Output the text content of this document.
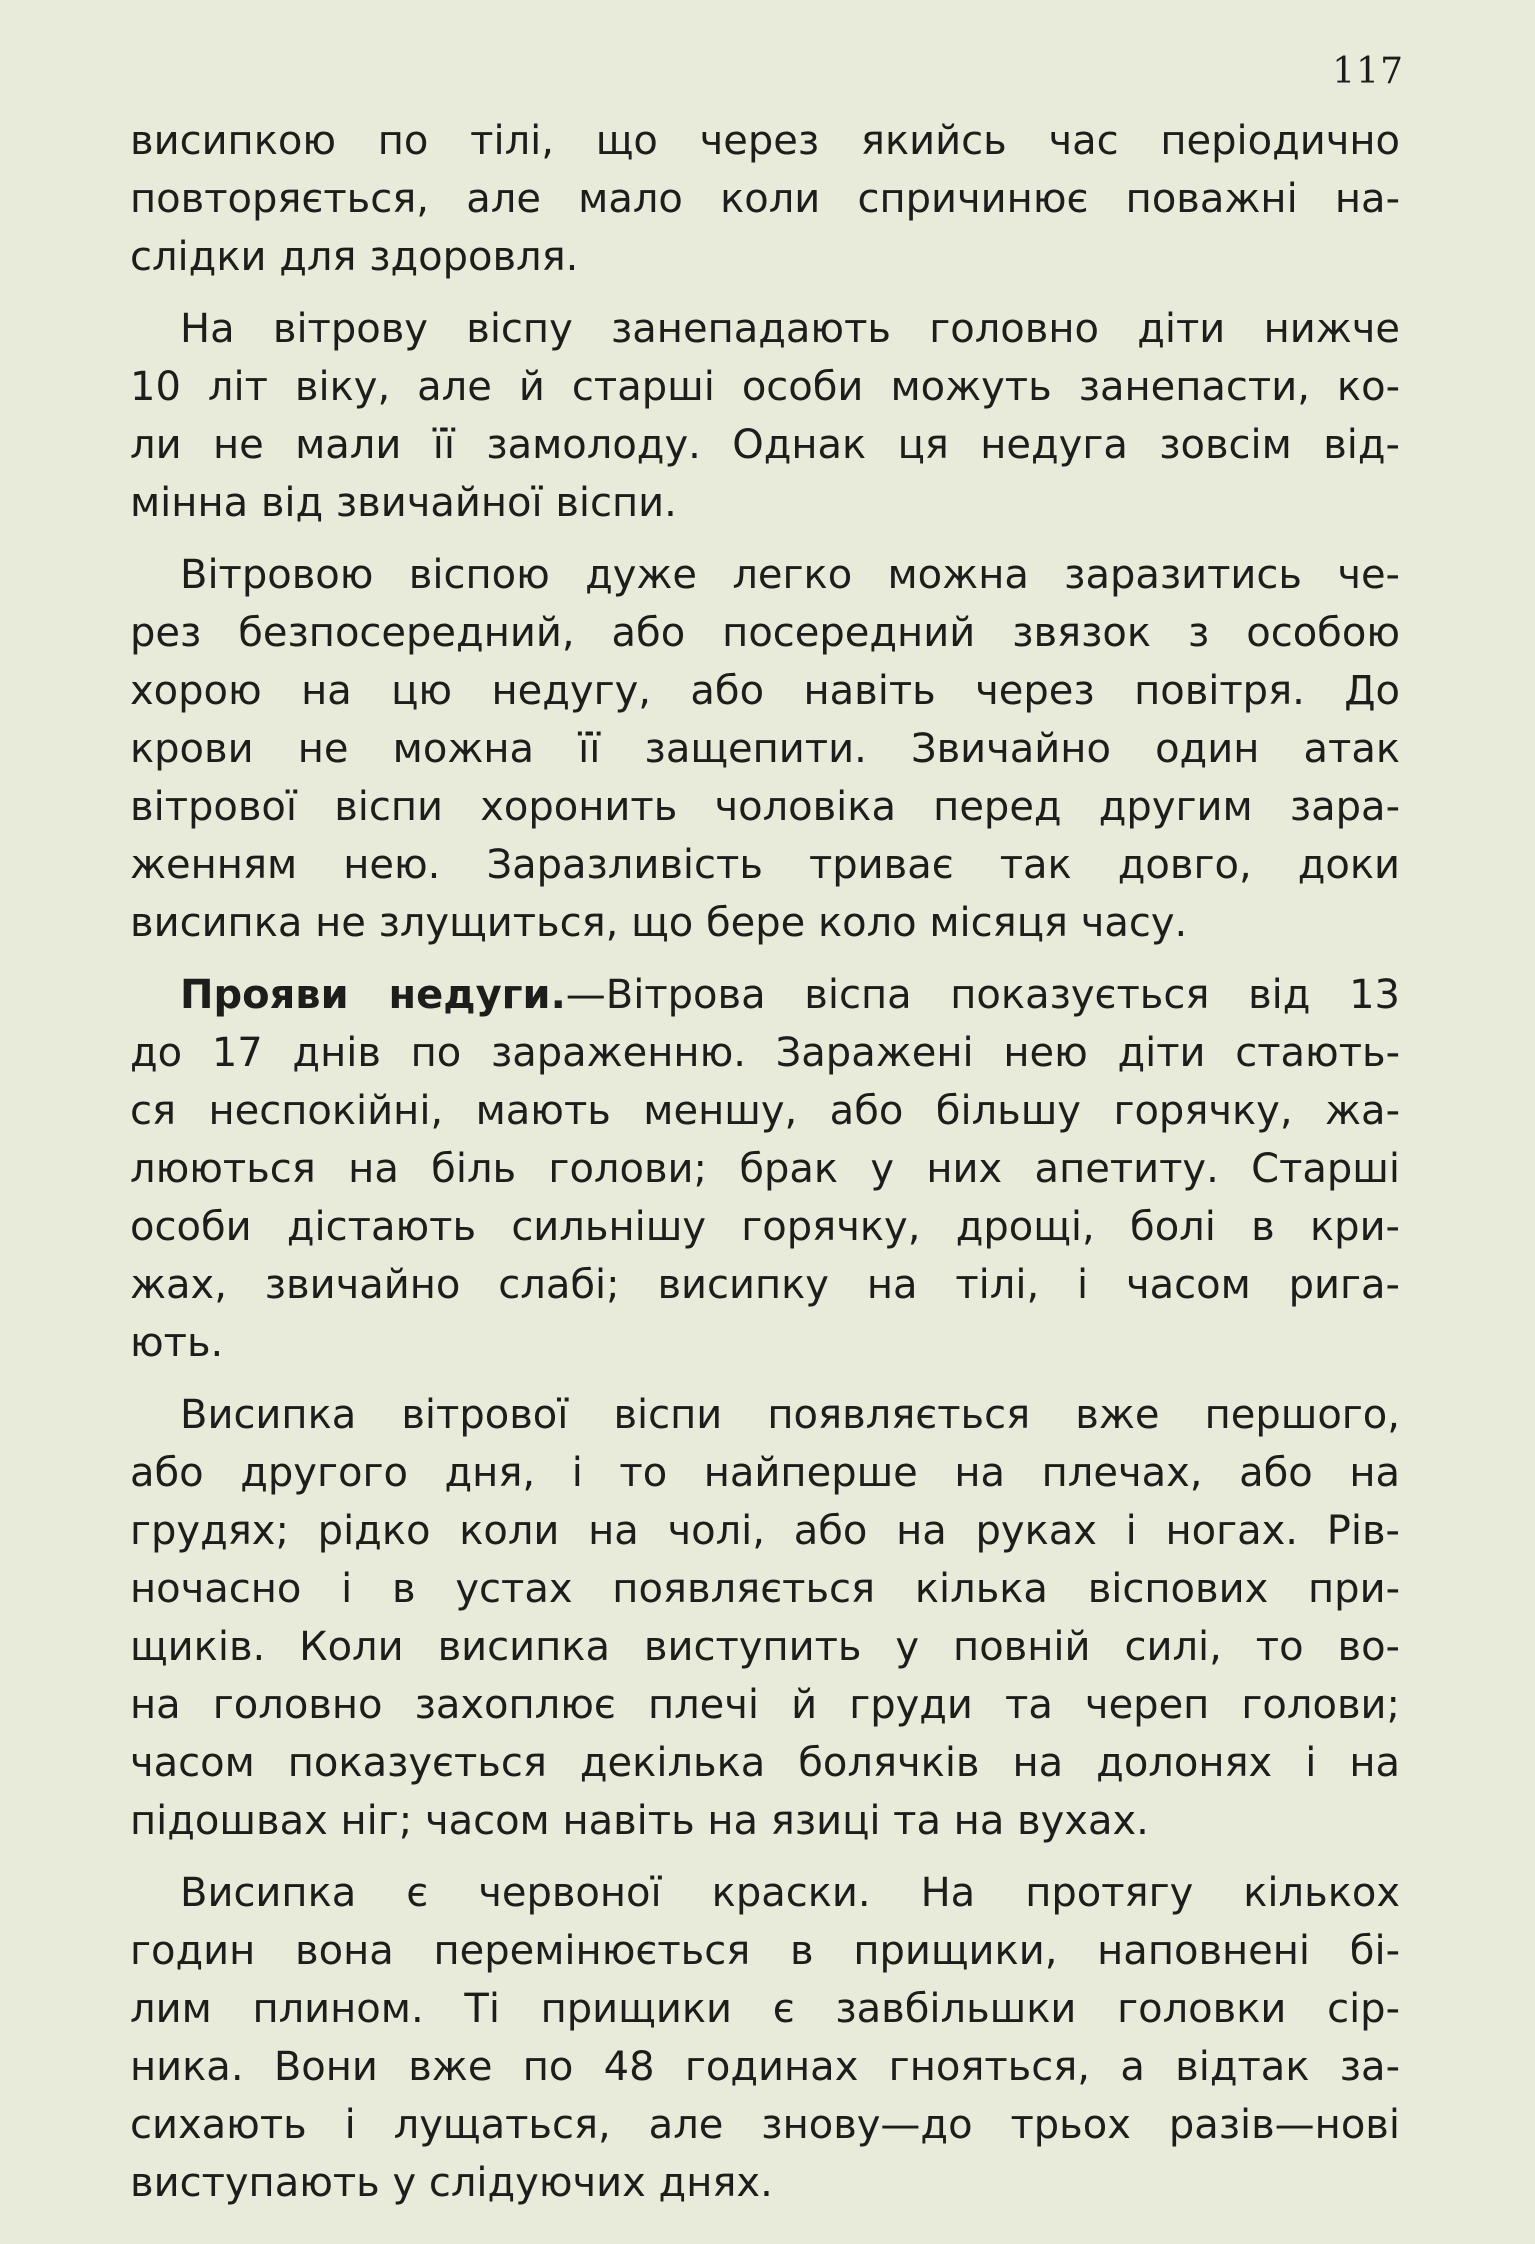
117

висипкою по тілі, що через якийсь час періодично
повторяється, але мало коли спричинює поважні на-
слідки для здоровля.

На вітрову віспу занепадають головно діти нижче
10 літ віку, але й старші особи можуть занепасти, ко-
ли не мали її замолоду. Однак ця недуга зовсім від-
мінна від звичайної віспи.

Вітровою віспою дуже легко можна заразитись че-
рез безпосередний, або посередний звязок з особою
хорою на цю недугу, або навіть через повітря. До
крови не можна її защепити. Звичайно один атак
вітрової віспи хоронить чоловіка перед другим зара-
женням нею. Заразливість триває так довго, доки
висипка не злущиться, що бере коло місяця часу.

Прояви недуги.—Вітрова віспа показується від 13
до 17 днів по зараженню. Заражені нею діти стають-
ся неспокійні, мають меншу, або більшу горячку, жа-
люються на біль голови; брак у них апетиту. Старші
особи дістають сильнішу горячку, дрощі, болі в кри-
жах, звичайно слабі; висипку на тілі, і часом рига-
ють.

Висипка вітрової віспи появляється вже першого,
або другого дня, і то найперше на плечах, або на
грудях; рідко коли на чолі, або на руках і ногах. Рів-
ночасно і в устах появляється кілька віспових при-
щиків. Коли висипка виступить у повній силі, то во-
на головно захоплює плечі й груди та череп голови;
часом показується декілька болячків на долонях і на
підошвах ніг; часом навіть на язиці та на вухах.

Висипка є червоної краски. На протягу кількох
годин вона перемінюється в прищики, наповнені бі-
лим плином. Ті прищики є завбільшки головки сір-
ника. Вони вже по 48 годинах гнояться, а відтак за-
сихають і лущаться, але знову—до трьох разів—нові
виступають у слідуючих днях.
